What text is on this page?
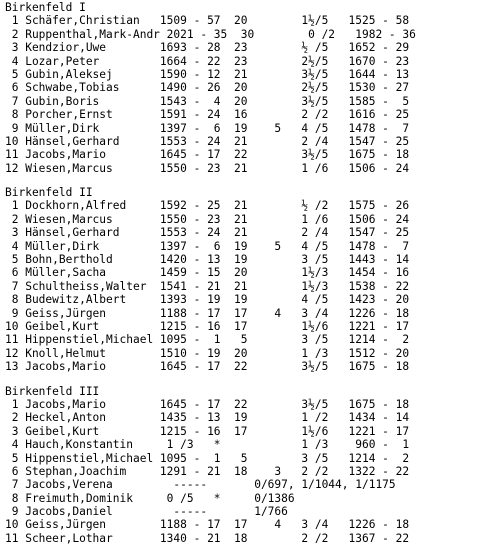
Birkenfeld I
1 Schäfer,Christian   1509 - 57  20        1½/5   1525 - 58
2 Ruppenthal,Mark-Andr 2021 - 35  30        0 /2   1982 - 36
3 Kendzior,Uwe        1693 - 28  23        ½ /5   1652 - 29
4 Lozar,Peter         1664 - 22  23        2½/5   1670 - 23
5 Gubin,Aleksej       1590 - 12  21        3½/5   1644 - 13
6 Schwabe,Tobias      1490 - 26  20        2½/5   1530 - 27
7 Gubin,Boris         1543 -  4  20        3½/5   1585 -  5
8 Porcher,Ernst       1591 - 24  16        2 /2   1616 - 25
9 Müller,Dirk         1397 -  6  19    5   4 /5   1478 -  7
10 Hänsel,Gerhard      1553 - 24  21        2 /4   1547 - 25
11 Jacobs,Mario        1645 - 17  22        3½/5   1675 - 18
12 Wiesen,Marcus       1550 - 23  21        1 /6   1506 - 24
Birkenfeld II
1 Dockhorn,Alfred     1592 - 25  21        ½ /2   1575 - 26
2 Wiesen,Marcus       1550 - 23  21        1 /6   1506 - 24
3 Hänsel,Gerhard      1553 - 24  21        2 /4   1547 - 25
4 Müller,Dirk         1397 -  6  19    5   4 /5   1478 -  7
5 Bohn,Berthold       1420 - 13  19        3 /5   1443 - 14
6 Müller,Sacha        1459 - 15  20        1½/3   1454 - 16
7 Schultheiss,Walter  1541 - 21  21        1½/3   1538 - 22
8 Budewitz,Albert     1393 - 19  19        4 /5   1423 - 20
9 Geiss,Jürgen        1188 - 17  17    4   3 /4   1226 - 18
10 Geibel,Kurt         1215 - 16  17        1½/6   1221 - 17
11 Hippenstiel,Michael 1095 -  1   5        3 /5   1214 -  2
12 Knoll,Helmut        1510 - 19  20        1 /3   1512 - 20
13 Jacobs,Mario        1645 - 17  22        3½/5   1675 - 18
Birkenfeld III
1 Jacobs,Mario        1645 - 17  22        3½/5   1675 - 18
2 Heckel,Anton        1435 - 13  19        1 /2   1434 - 14
3 Geibel,Kurt         1215 - 16  17        1½/6   1221 - 17
4 Hauch,Konstantin     1 /3   *            1 /3    960 -  1
5 Hippenstiel,Michael 1095 -  1   5        3 /5   1214 -  2
6 Stephan,Joachim     1291 - 21  18    3   2 /2   1322 - 22
7 Jacobs,Verena         -----       0/697, 1/1044, 1/1175
8 Freimuth,Dominik     0 /5   *     0/1386
9 Jacobs,Daniel         -----       1/766
10 Geiss,Jürgen        1188 - 17  17    4   3 /4   1226 - 18
11 Scheer,Lothar       1340 - 21  18        2 /2   1367 - 22
